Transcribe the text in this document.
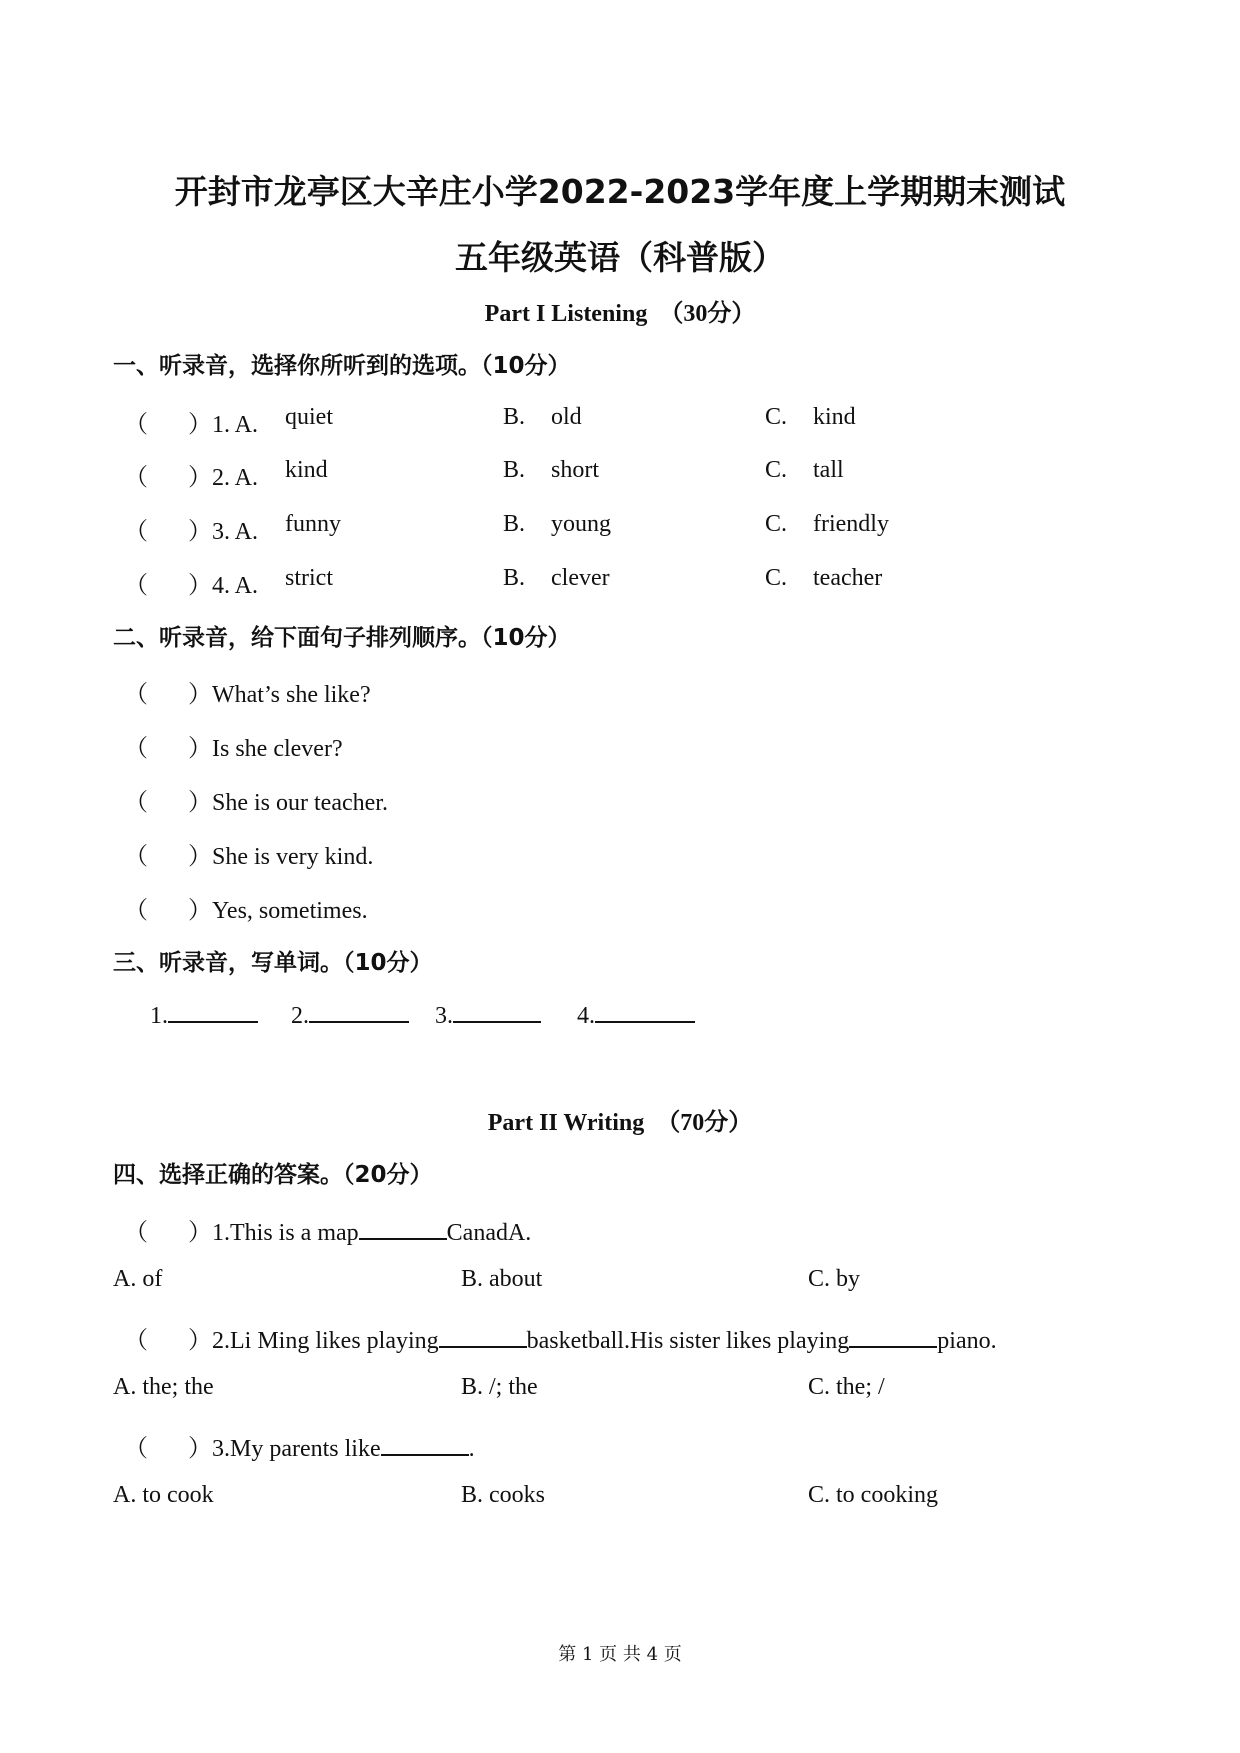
开封市龙亭区大辛庄小学2022-2023学年度上学期期末测试
五年级英语（科普版）
Part I Listening　（30分）
一、听录音，选择你所听到的选项。（10分）
（ ）1. A. quiet	B. old	C. kind
（ ）2. A. kind	B. short	C. tall
（ ）3. A. funny	B. young	C. friendly
（ ）4. A. strict	B. clever	C. teacher
二、听录音，给下面句子排列顺序。（10分）
（ ）What’s she like?
（ ）Is she clever?
（ ）She is our teacher.
（ ）She is very kind.
（ ）Yes, sometimes.
三、听录音，写单词。（10分）
1.	2.	3.	4.
Part II Writing　（70分）
四、选择正确的答案。（20分）
（ ）1.This is a map	CanadA.
A. of	B. about	C. by
（ ）2.Li Ming likes playing	basketball.His sister likes playing	piano.
A. the; the	B. /; the	C. the; /
（ ）3.My parents like	.
A. to cook	B. cooks	C. to cooking
第 1 页 共 4 页
